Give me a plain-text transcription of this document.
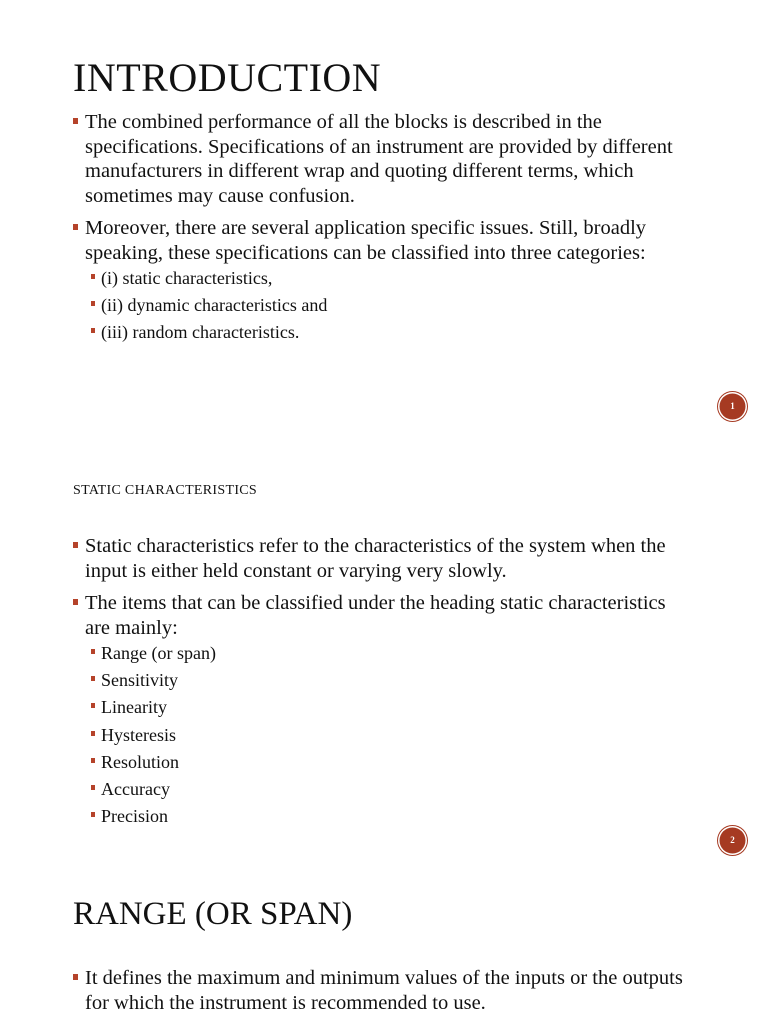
INTRODUCTION
The combined performance of all the blocks is described in the specifications. Specifications of an instrument are provided by different manufacturers in different wrap and quoting different terms, which sometimes may cause confusion.
Moreover, there are several application specific issues. Still, broadly speaking, these specifications can be classified into three categories:
(i) static characteristics,
(ii) dynamic characteristics and
(iii) random characteristics.
1
STATIC CHARACTERISTICS
Static characteristics refer to the characteristics of the system when the input is either held constant or varying very slowly.
The items that can be classified under the heading static characteristics are mainly:
Range (or span)
Sensitivity
Linearity
Hysteresis
Resolution
Accuracy
Precision
2
RANGE (OR SPAN)
It defines the maximum and minimum values of the inputs or the outputs for which the instrument is recommended to use.
